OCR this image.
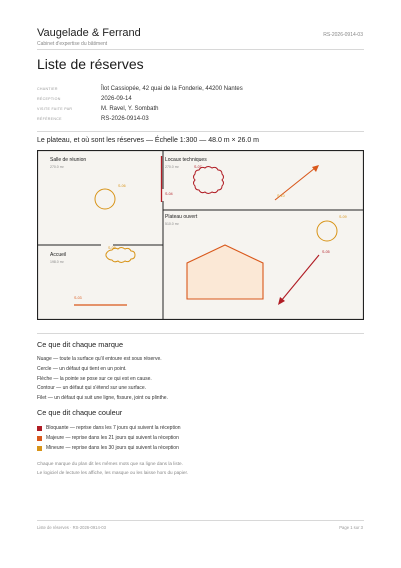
Vaugelade & Ferrand
Cabinet d'expertise du bâtiment
RS-2026-0914-03
Liste de réserves
CHANTIER	Îlot Cassiopée, 42 quai de la Fonderie, 44200 Nantes
RÉCEPTION	2026-09-14
VISITE FAITE PAR	M. Ravel, Y. Sombath
RÉFÉRENCE	RS-2026-0914-03
Le plateau, et où sont les réserves — Échelle 1:300 — 48.0 m × 26.0 m
Salle de réunion
270.0 m²
Locaux techniques
270.0 m²
Plateau ouvert
510.0 m²
Accueil
198.0 m²
S-06
S-04
S-07
S-10
S-09
S-08
S-05
S-03
Ce que dit chaque marque
Nuage — toute la surface qu'il entoure est sous réserve.
Cercle — un défaut qui tient en un point.
Flèche — la pointe se pose sur ce qui est en cause.
Contour — un défaut qui s'étend sur une surface.
Filet — un défaut qui suit une ligne, fissure, joint ou plinthe.
Ce que dit chaque couleur
Bloquante — reprise dans les 7 jours qui suivent la réception
Majeure — reprise dans les 21 jours qui suivent la réception
Mineure — reprise dans les 30 jours qui suivent la réception
Chaque marque du plan dit les mêmes mots que sa ligne dans la liste.
Le logiciel de lecture les affiche, les masque ou les laisse hors du papier.
Liste de réserves · RS-2026-0914-03	Page 1 sur 3
